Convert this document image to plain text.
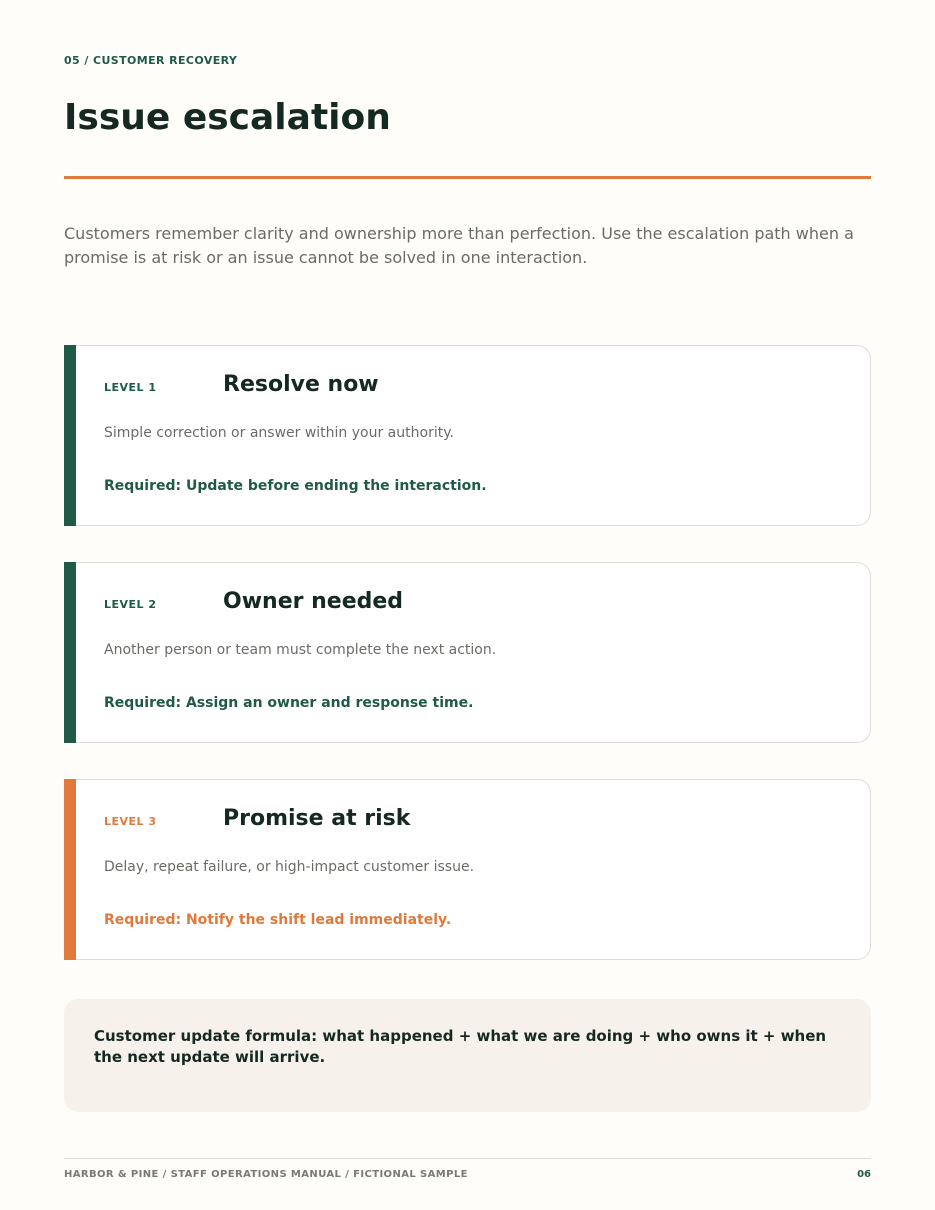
05 / CUSTOMER RECOVERY
Issue escalation

Customers remember clarity and ownership more than perfection. Use the escalation path when a promise is at risk or an issue cannot be solved in one interaction.

LEVEL 1	Resolve now
Simple correction or answer within your authority.
Required: Update before ending the interaction.
LEVEL 2	Owner needed
Another person or team must complete the next action.
Required: Assign an owner and response time.
LEVEL 3	Promise at risk
Delay, repeat failure, or high-impact customer issue.
Required: Notify the shift lead immediately.

Customer update formula: what happened + what we are doing + who owns it + when the next update will arrive.

HARBOR & PINE / STAFF OPERATIONS MANUAL / FICTIONAL SAMPLE	06
